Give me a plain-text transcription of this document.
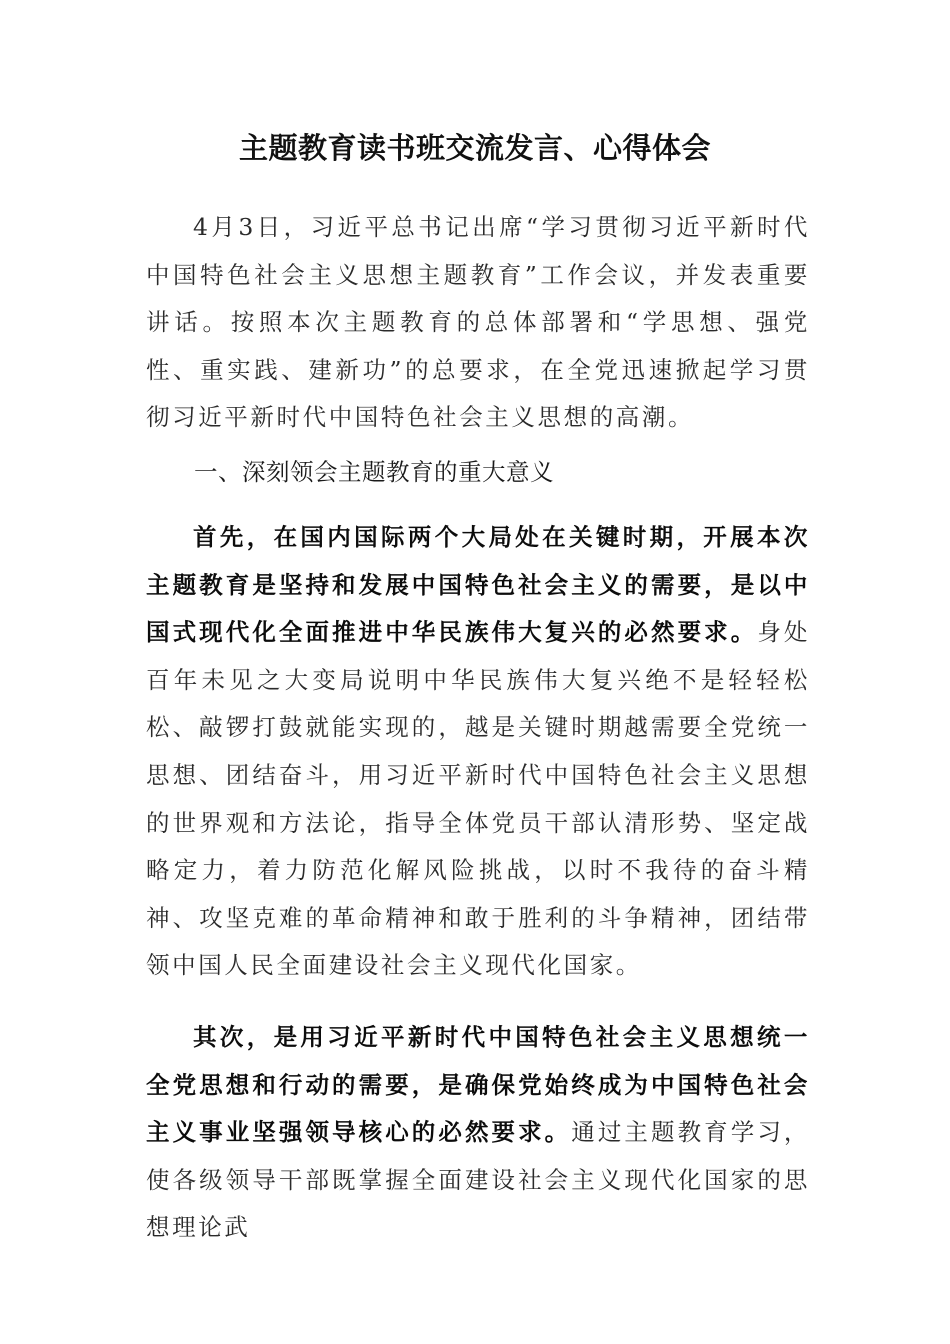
主题教育读书班交流发言、心得体会
4月3日，习近平总书记出席“学习贯彻习近平新时代中国特色社会主义思想主题教育”工作会议，并发表重要讲话。按照本次主题教育的总体部署和“学思想、强党性、重实践、建新功”的总要求，在全党迅速掀起学习贯彻习近平新时代中国特色社会主义思想的高潮。
一、深刻领会主题教育的重大意义
首先，在国内国际两个大局处在关键时期，开展本次主题教育是坚持和发展中国特色社会主义的需要，是以中国式现代化全面推进中华民族伟大复兴的必然要求。身处百年未见之大变局说明中华民族伟大复兴绝不是轻轻松松、敲锣打鼓就能实现的，越是关键时期越需要全党统一思想、团结奋斗，用习近平新时代中国特色社会主义思想的世界观和方法论，指导全体党员干部认清形势、坚定战略定力，着力防范化解风险挑战，以时不我待的奋斗精神、攻坚克难的革命精神和敢于胜利的斗争精神，团结带领中国人民全面建设社会主义现代化国家。
其次，是用习近平新时代中国特色社会主义思想统一全党思想和行动的需要，是确保党始终成为中国特色社会主义事业坚强领导核心的必然要求。通过主题教育学习，使各级领导干部既掌握全面建设社会主义现代化国家的思想理论武
